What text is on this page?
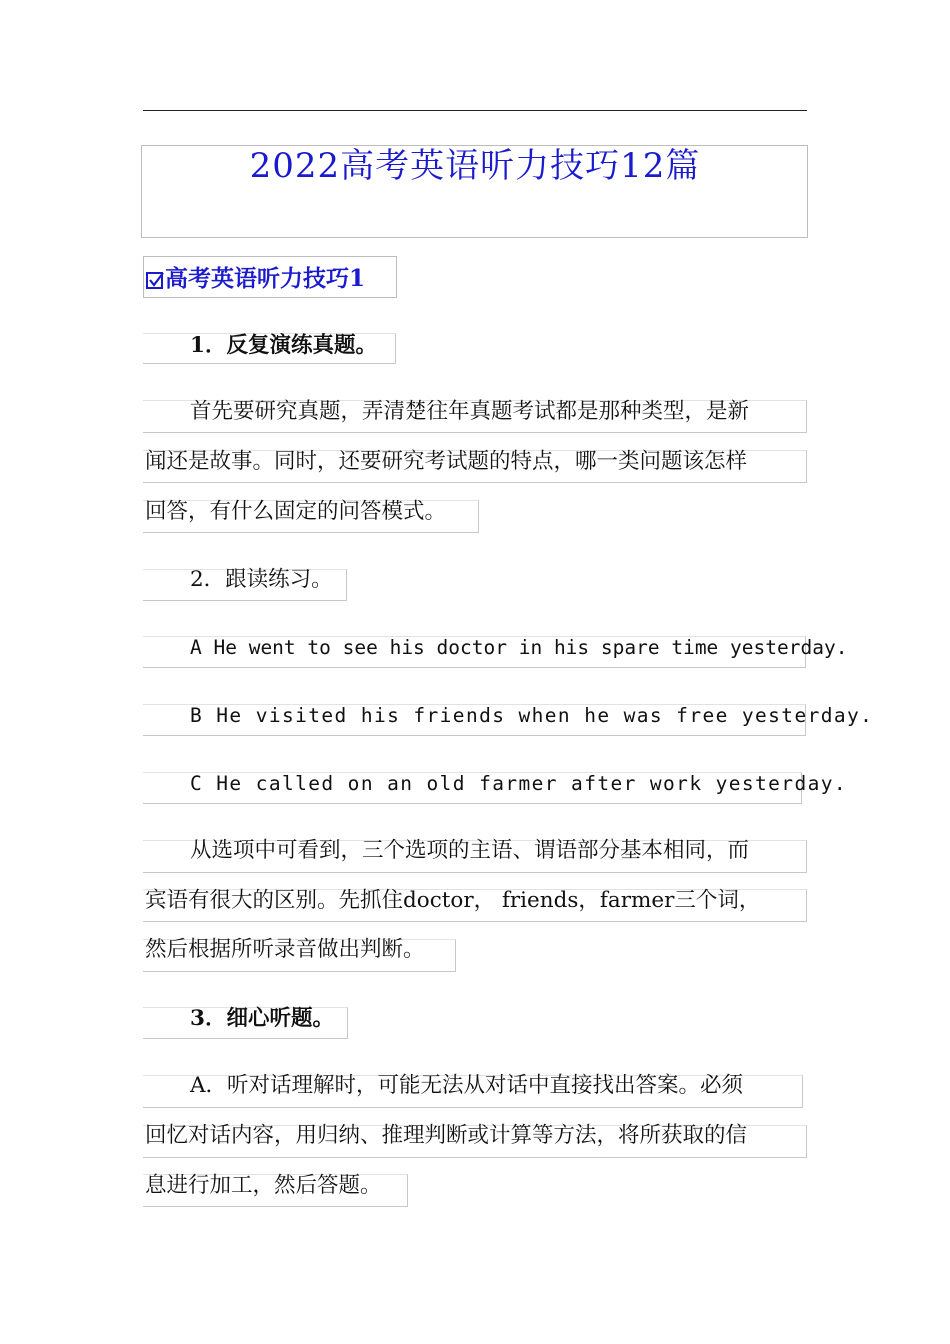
2022高考英语听力技巧12篇
高考英语听力技巧1
1．反复演练真题。
首先要研究真题，弄清楚往年真题考试都是那种类型，是新
闻还是故事。同时，还要研究考试题的特点，哪一类问题该怎样
回答，有什么固定的问答模式。
2．跟读练习。
A He went to see his doctor in his spare time yesterday.
B He visited his friends when he was free yesterday.
C He called on an old farmer after work yesterday.
从选项中可看到，三个选项的主语、谓语部分基本相同，而
宾语有很大的区别。先抓住doctor， friends，farmer三个词，
然后根据所听录音做出判断。
3．细心听题。
A．听对话理解时，可能无法从对话中直接找出答案。必须
回忆对话内容，用归纳、推理判断或计算等方法，将所获取的信
息进行加工，然后答题。
